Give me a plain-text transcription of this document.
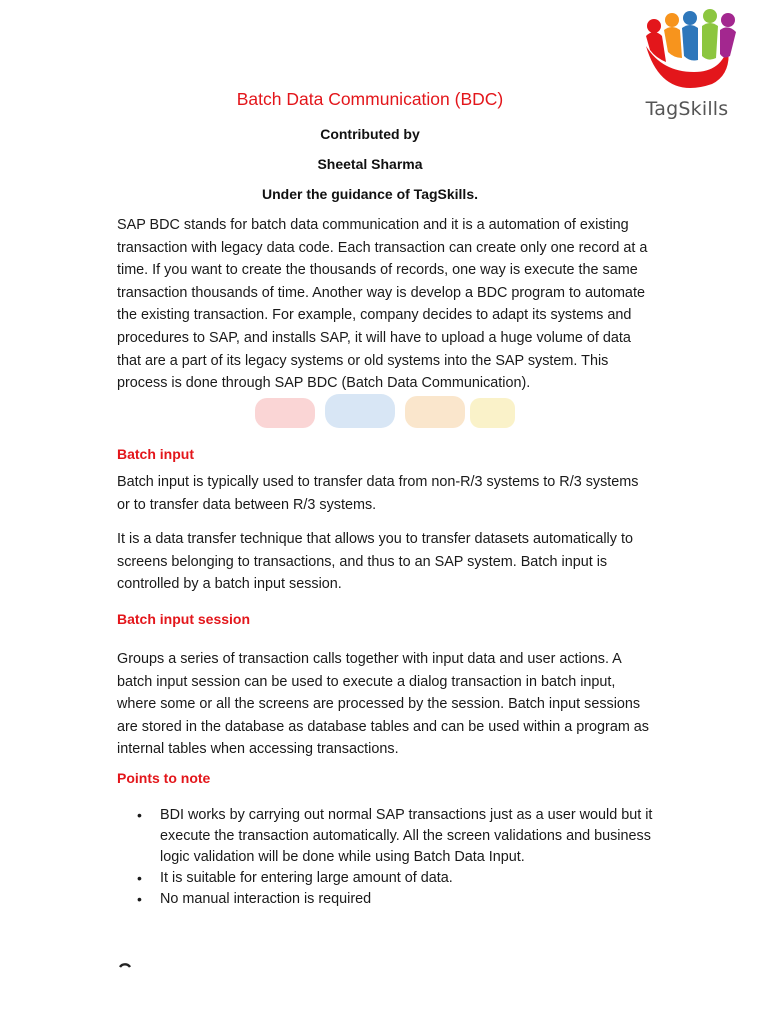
TagSkills
Batch Data Communication (BDC)
Contributed by
Sheetal Sharma
Under the guidance of TagSkills.
SAP BDC stands for batch data communication and it is a automation of existing transaction with legacy data code. Each transaction can create only one record at a time. If you want to create the thousands of records, one way is execute the same transaction thousands of time. Another way is develop a BDC program to automate the existing transaction. For example, company decides to adapt its systems and procedures to SAP, and installs SAP, it will have to upload a huge volume of data that are a part of its legacy systems or old systems into the SAP system. This process is done through SAP BDC (Batch Data Communication).
Batch input
Batch input is typically used to transfer data from non-R/3 systems to R/3 systems or to transfer data between R/3 systems.
It is a data transfer technique that allows you to transfer datasets automatically to screens belonging to transactions, and thus to an SAP system. Batch input is controlled by a batch input session.
Batch input session
Groups a series of transaction calls together with input data and user actions. A batch input session can be used to execute a dialog transaction in batch input, where some or all the screens are processed by the session. Batch input sessions are stored in the database as database tables and can be used within a program as internal tables when accessing transactions.
Points to note
• BDI works by carrying out normal SAP transactions just as a user would but it execute the transaction automatically. All the screen validations and business logic validation will be done while using Batch Data Input.
• It is suitable for entering large amount of data.
• No manual interaction is required
